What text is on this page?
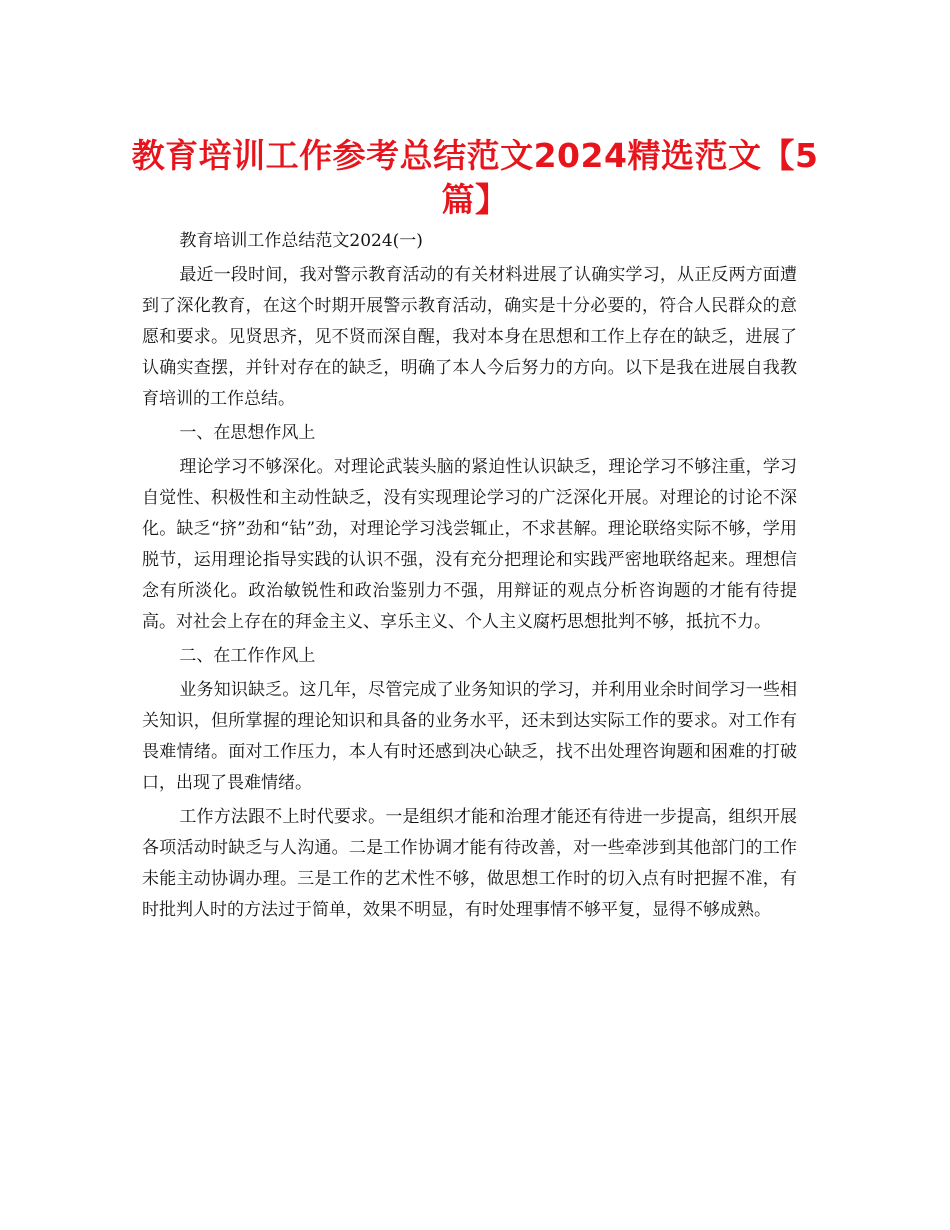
教育培训工作参考总结范文2024精选范文【5篇】

教育培训工作总结范文2024(一)

最近一段时间，我对警示教育活动的有关材料进展了认确实学习，从正反两方面遭到了深化教育，在这个时期开展警示教育活动，确实是十分必要的，符合人民群众的意愿和要求。见贤思齐，见不贤而深自醒，我对本身在思想和工作上存在的缺乏，进展了认确实查摆，并针对存在的缺乏，明确了本人今后努力的方向。以下是我在进展自我教育培训的工作总结。

一、在思想作风上

理论学习不够深化。对理论武装头脑的紧迫性认识缺乏，理论学习不够注重，学习自觉性、积极性和主动性缺乏，没有实现理论学习的广泛深化开展。对理论的讨论不深化。缺乏“挤”劲和“钻”劲，对理论学习浅尝辄止，不求甚解。理论联络实际不够，学用脱节，运用理论指导实践的认识不强，没有充分把理论和实践严密地联络起来。理想信念有所淡化。政治敏锐性和政治鉴别力不强，用辩证的观点分析咨询题的才能有待提高。对社会上存在的拜金主义、享乐主义、个人主义腐朽思想批判不够，抵抗不力。

二、在工作作风上

业务知识缺乏。这几年，尽管完成了业务知识的学习，并利用业余时间学习一些相关知识，但所掌握的理论知识和具备的业务水平，还未到达实际工作的要求。对工作有畏难情绪。面对工作压力，本人有时还感到决心缺乏，找不出处理咨询题和困难的打破口，出现了畏难情绪。

工作方法跟不上时代要求。一是组织才能和治理才能还有待进一步提高，组织开展各项活动时缺乏与人沟通。二是工作协调才能有待改善，对一些牵涉到其他部门的工作未能主动协调办理。三是工作的艺术性不够，做思想工作时的切入点有时把握不准，有时批判人时的方法过于简单，效果不明显，有时处理事情不够平复，显得不够成熟。
